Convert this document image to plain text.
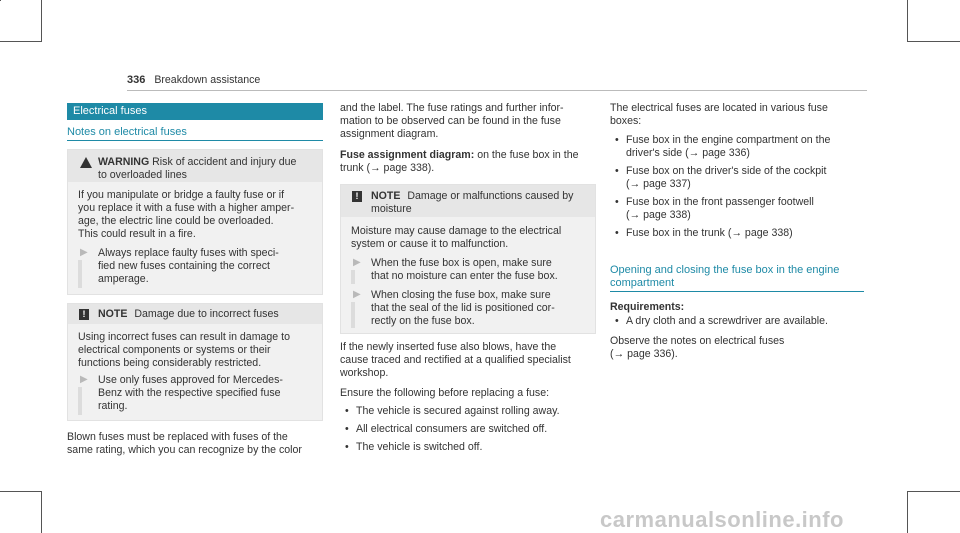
336 Breakdown assistance
Electrical fuses
Notes on electrical fuses
WARNING Risk of accident and injury due
to overloaded lines
If you manipulate or bridge a faulty fuse or if
you replace it with a fuse with a higher amper-
age, the electric line could be overloaded.
This could result in a fire.
▶ Always replace faulty fuses with speci-
fied new fuses containing the correct
amperage.
!	NOTE Damage due to incorrect fuses
Using incorrect fuses can result in damage to
electrical components or systems or their
functions being considerably restricted.
▶ Use only fuses approved for Mercedes-
Benz with the respective specified fuse
rating.
Blown fuses must be replaced with fuses of the
same rating, which you can recognize by the color
and the label. The fuse ratings and further infor-
mation to be observed can be found in the fuse
assignment diagram.
Fuse assignment diagram: on the fuse box in the
trunk (→ page 338).
!	NOTE Damage or malfunctions caused by
moisture
Moisture may cause damage to the electrical
system or cause it to malfunction.
▶ When the fuse box is open, make sure
that no moisture can enter the fuse box.
▶ When closing the fuse box, make sure
that the seal of the lid is positioned cor-
rectly on the fuse box.
If the newly inserted fuse also blows, have the
cause traced and rectified at a qualified specialist
workshop.
Ensure the following before replacing a fuse:
• The vehicle is secured against rolling away.
• All electrical consumers are switched off.
• The vehicle is switched off.
The electrical fuses are located in various fuse
boxes:
• Fuse box in the engine compartment on the
driver's side (→ page 336)
• Fuse box on the driver's side of the cockpit
(→ page 337)
• Fuse box in the front passenger footwell
(→ page 338)
• Fuse box in the trunk (→ page 338)
Opening and closing the fuse box in the engine
compartment
Requirements:
• A dry cloth and a screwdriver are available.
Observe the notes on electrical fuses
(→ page 336).
carmanualsonline.info
